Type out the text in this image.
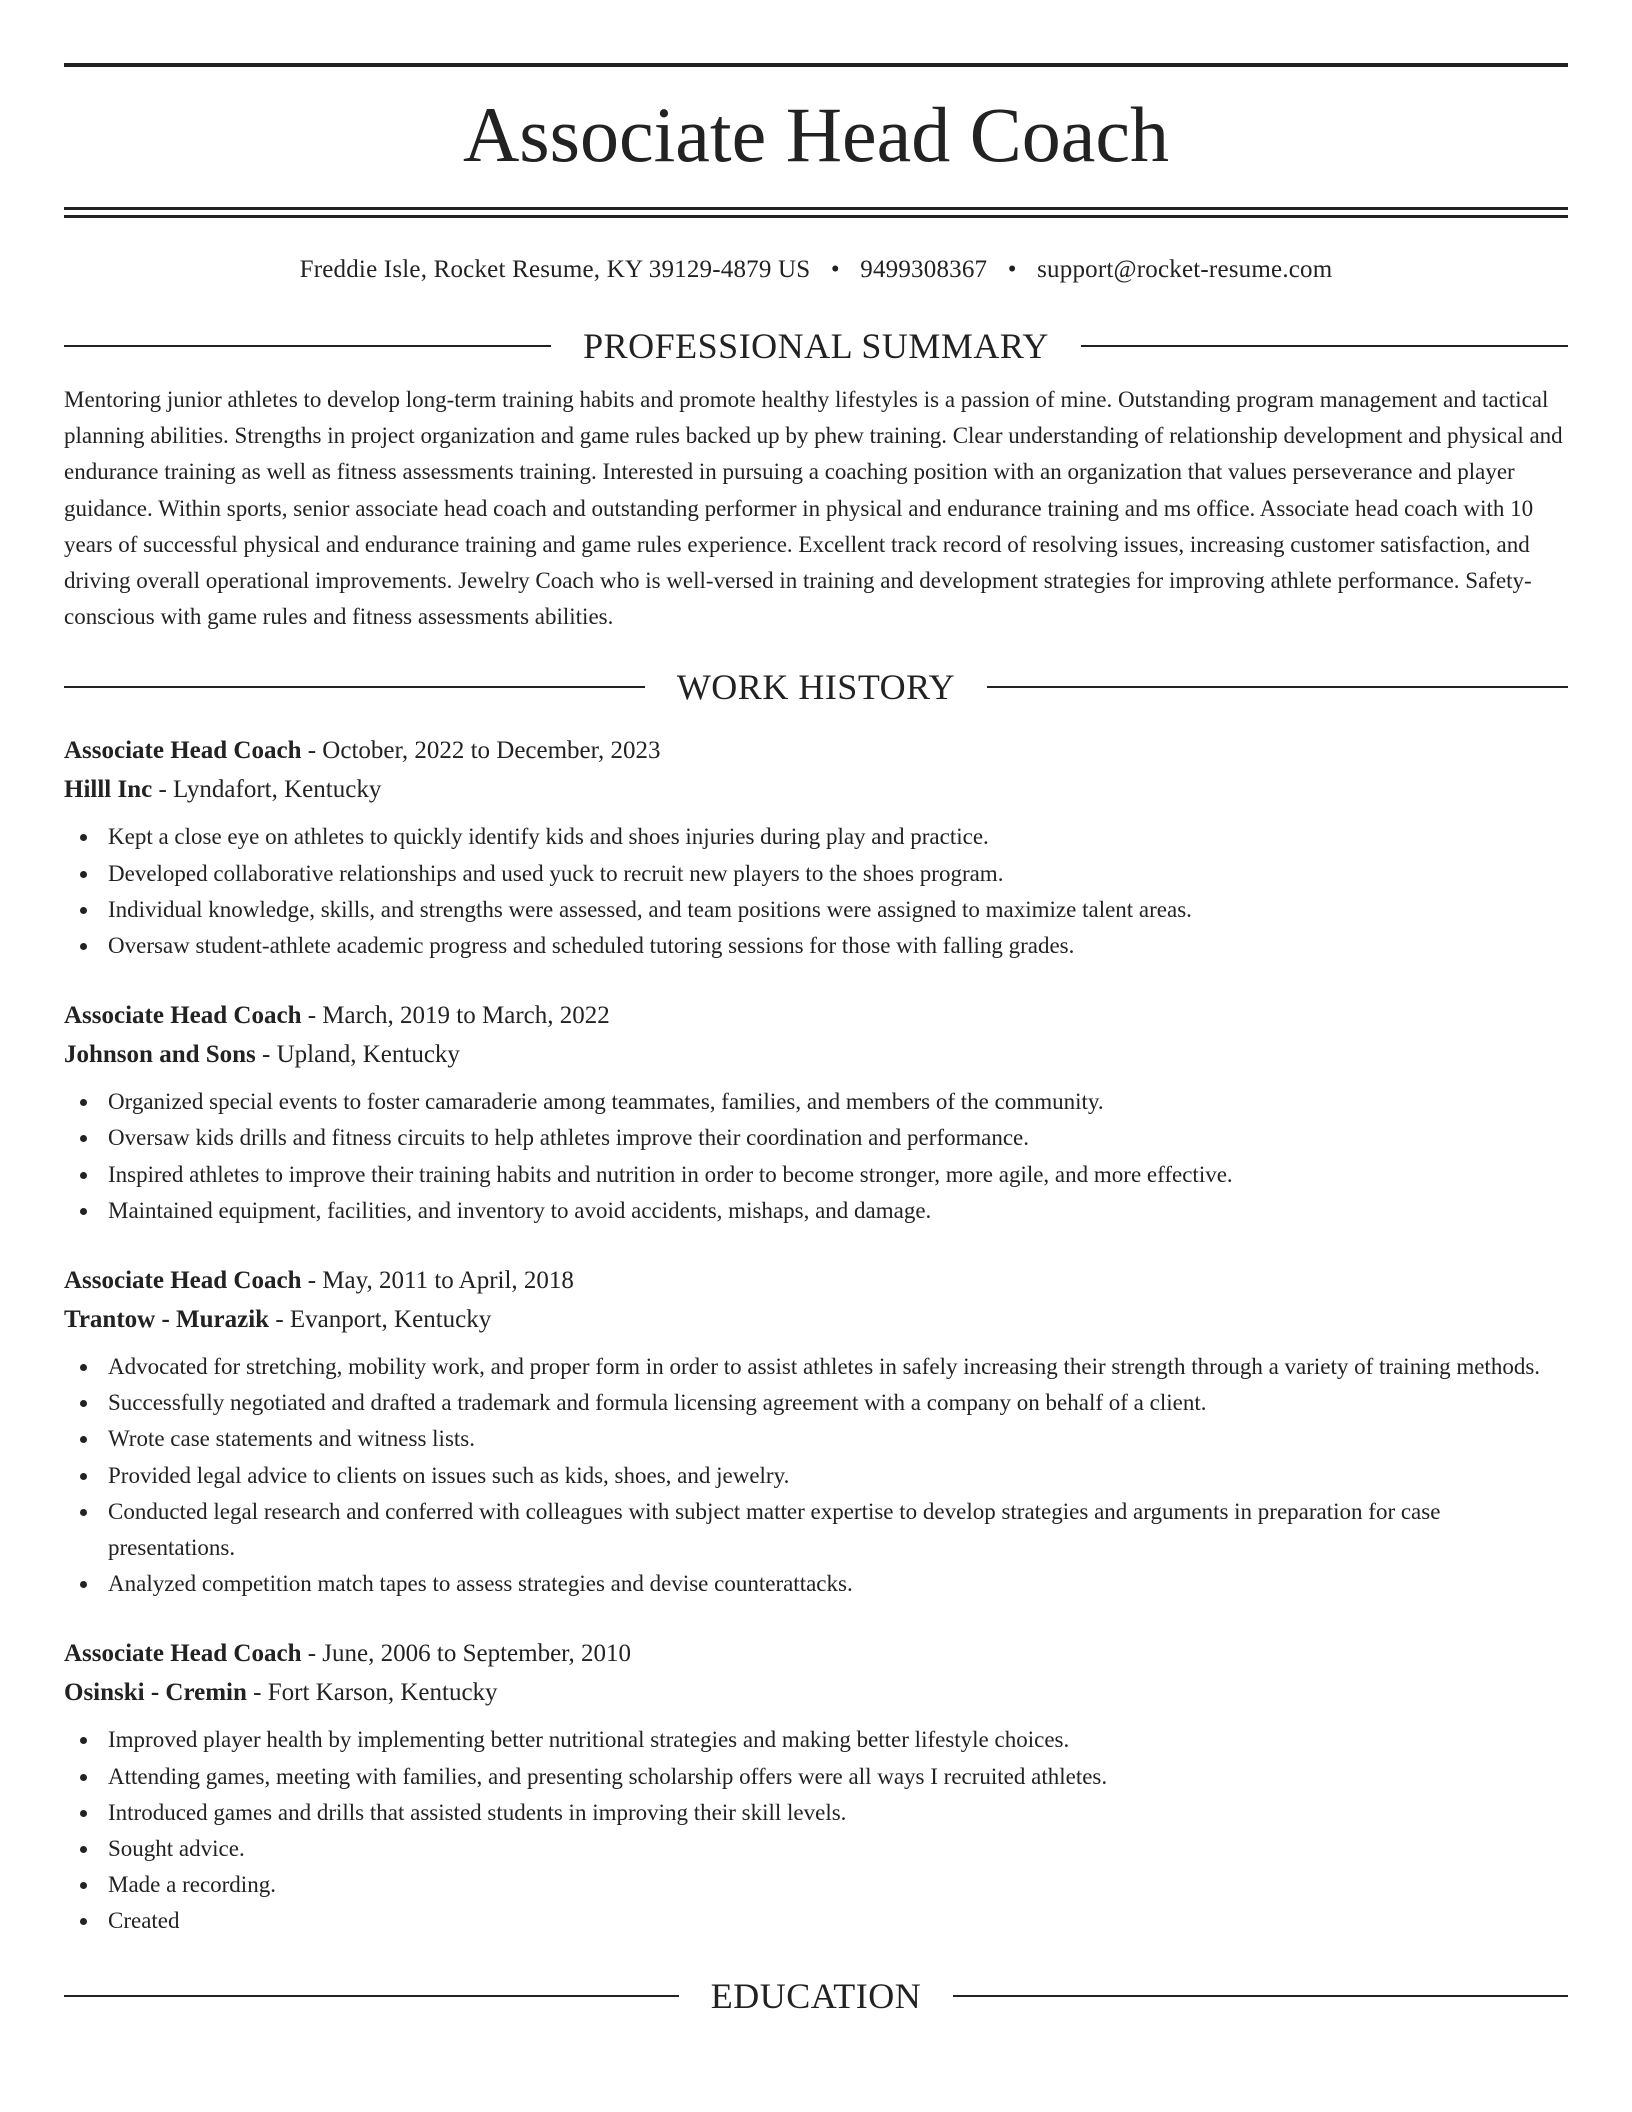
Associate Head Coach
Freddie Isle, Rocket Resume, KY 39129-4879 US • 9499308367 • support@rocket-resume.com
PROFESSIONAL SUMMARY

Mentoring junior athletes to develop long-term training habits and promote healthy lifestyles is a passion of mine. Outstanding program management and tactical planning abilities. Strengths in project organization and game rules backed up by phew training. Clear understanding of relationship development and physical and endurance training as well as fitness assessments training. Interested in pursuing a coaching position with an organization that values perseverance and player guidance. Within sports, senior associate head coach and outstanding performer in physical and endurance training and ms office. Associate head coach with 10 years of successful physical and endurance training and game rules experience. Excellent track record of resolving issues, increasing customer satisfaction, and driving overall operational improvements. Jewelry Coach who is well-versed in training and development strategies for improving athlete performance. Safety-conscious with game rules and fitness assessments abilities.

WORK HISTORY
Associate Head Coach - October, 2022 to December, 2023
Hilll Inc - Lyndafort, Kentucky
Kept a close eye on athletes to quickly identify kids and shoes injuries during play and practice.
Developed collaborative relationships and used yuck to recruit new players to the shoes program.
Individual knowledge, skills, and strengths were assessed, and team positions were assigned to maximize talent areas.
Oversaw student-athlete academic progress and scheduled tutoring sessions for those with falling grades.
Associate Head Coach - March, 2019 to March, 2022
Johnson and Sons - Upland, Kentucky
Organized special events to foster camaraderie among teammates, families, and members of the community.
Oversaw kids drills and fitness circuits to help athletes improve their coordination and performance.
Inspired athletes to improve their training habits and nutrition in order to become stronger, more agile, and more effective.
Maintained equipment, facilities, and inventory to avoid accidents, mishaps, and damage.
Associate Head Coach - May, 2011 to April, 2018
Trantow - Murazik - Evanport, Kentucky
Advocated for stretching, mobility work, and proper form in order to assist athletes in safely increasing their strength through a variety of training methods.
Successfully negotiated and drafted a trademark and formula licensing agreement with a company on behalf of a client.
Wrote case statements and witness lists.
Provided legal advice to clients on issues such as kids, shoes, and jewelry.
Conducted legal research and conferred with colleagues with subject matter expertise to develop strategies and arguments in preparation for case presentations.
Analyzed competition match tapes to assess strategies and devise counterattacks.
Associate Head Coach - June, 2006 to September, 2010
Osinski - Cremin - Fort Karson, Kentucky
Improved player health by implementing better nutritional strategies and making better lifestyle choices.
Attending games, meeting with families, and presenting scholarship offers were all ways I recruited athletes.
Introduced games and drills that assisted students in improving their skill levels.
Sought advice.
Made a recording.
Created
EDUCATION
